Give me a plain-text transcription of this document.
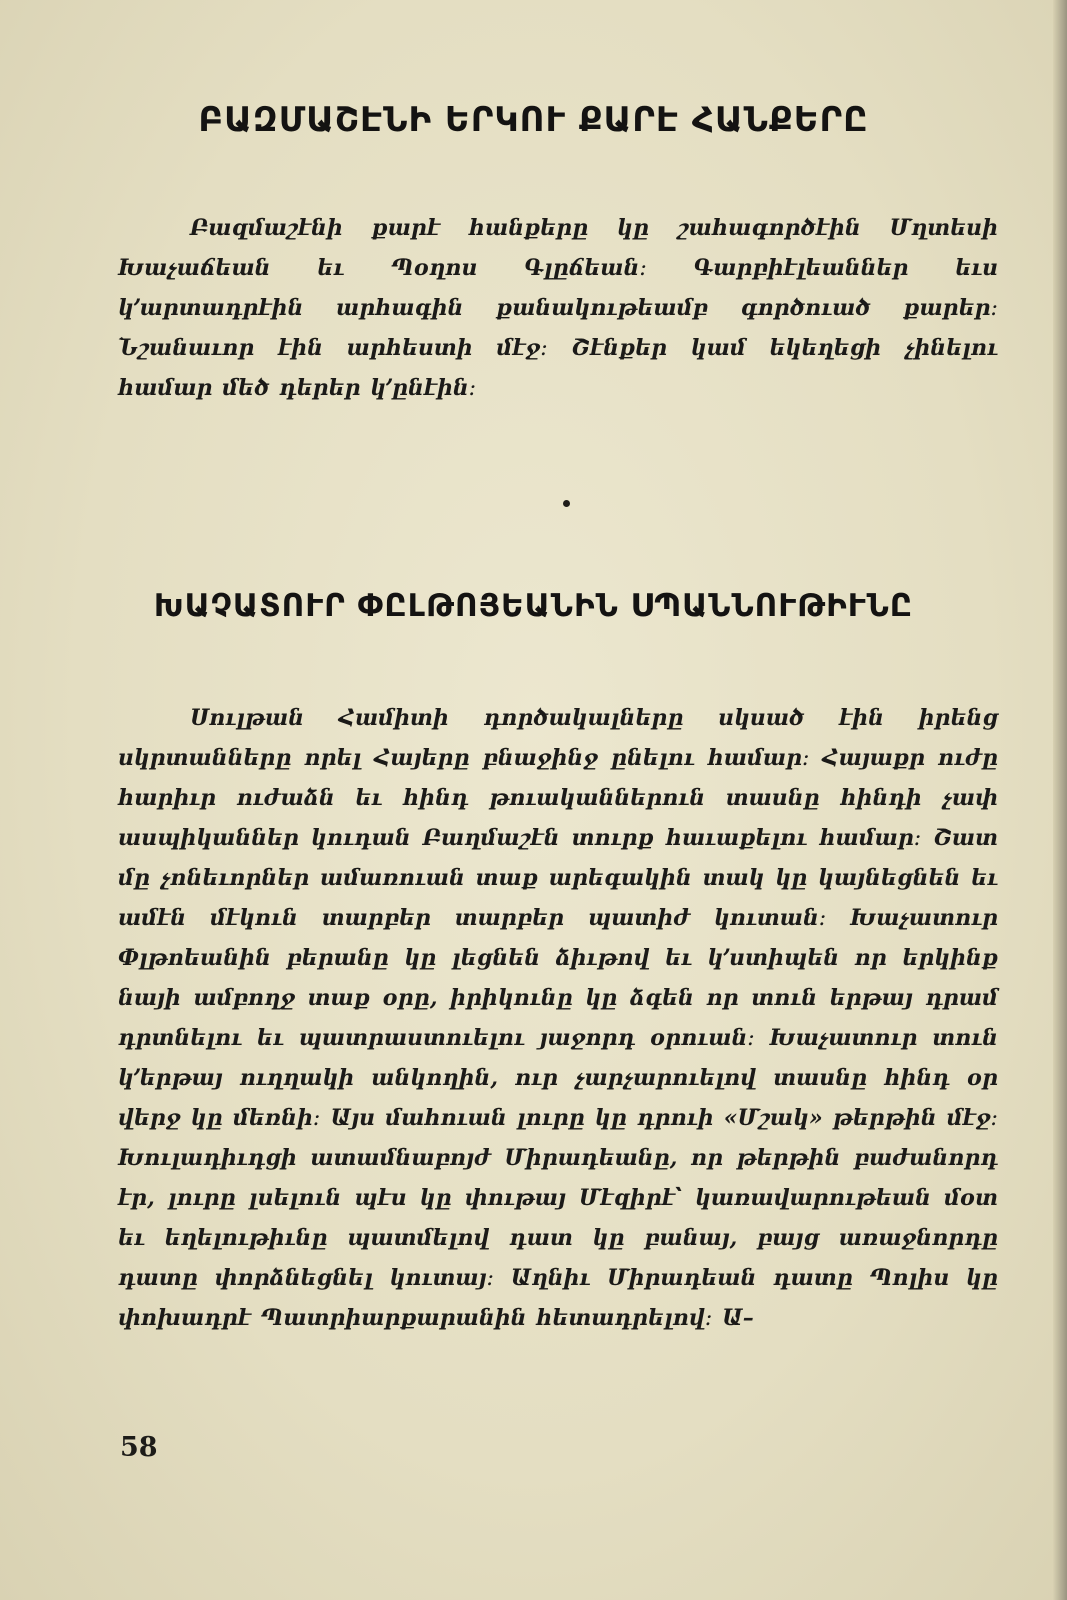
ԲԱԶՄԱՇԷՆԻ ԵՐԿՈՒ ՔԱՐԷ ՀԱՆՔԵՐԸ

Բազմաշէնի քարէ հանքերը կը շահագործէին Մղտեսի Խաչաճեան եւ Պօղոս Գլըճեան։ Գարբիէլեաններ եւս կ՚արտադրէին արհագին քանակութեամբ գործուած քարեր։ Նշանաւոր էին արհեստի մէջ։ Շէնքեր կամ եկեղեցի չինելու համար մեծ դերեր կ՚ընէին։

ԽԱՉԱՏՈՒՐ ՓԸԼԹՈՅԵԱՆԻՆ ՍՊԱՆՆՈՒԹԻՒՆԸ

Սուլթան Համիտի դործակալները սկսած էին իրենց սկրտանները որել Հայերը բնաջինջ ընելու համար։ Հայաքր ուժը հարիւր ուժաձն եւ հինդ թուականներուն տասնը հինդի չափ ասպիկաններ կուդան Բաղմաշէն տուրք հաւաքելու համար։ Շատ մը չոնեւորներ ամառուան տաք արեգակին տակ կը կայնեցնեն եւ ամէն մէկուն տարբեր տարբեր պատիժ կուտան։ Խաչատուր Փլթոեանին բերանը կը լեցնեն ձիւթով եւ կ՚ստիպեն որ երկինք նայի ամբողջ տաք օրը, իրիկունը կը ձգեն որ տուն երթայ դրամ դրտնելու եւ պատրաստուելու յաջորդ օրուան։ Խաչատուր տուն կ՚երթայ ուղղակի անկողին, ուր չարչարուելով տասնը հինդ օր վերջ կը մեռնի։ Այս մահուան լուրը կը դրուի «Մշակ» թերթին մէջ։ Խուլադիւդցի ատամնաբոյժ Միրադեանը, որ թերթին բաժանորդ էր, լուրը լսելուն պէս կը փութայ Մէզիրէ՝ կառավարութեան մօտ եւ եղելութիւնը պատմելով դատ կը բանայ, բայց առաջնորդը դատը փորձնեցնել կուտայ։ Աղնիւ Միրադեան դատը Պոլիս կը փոխադրէ Պատրիարքարանին հետադրելով։ Ա–

58
